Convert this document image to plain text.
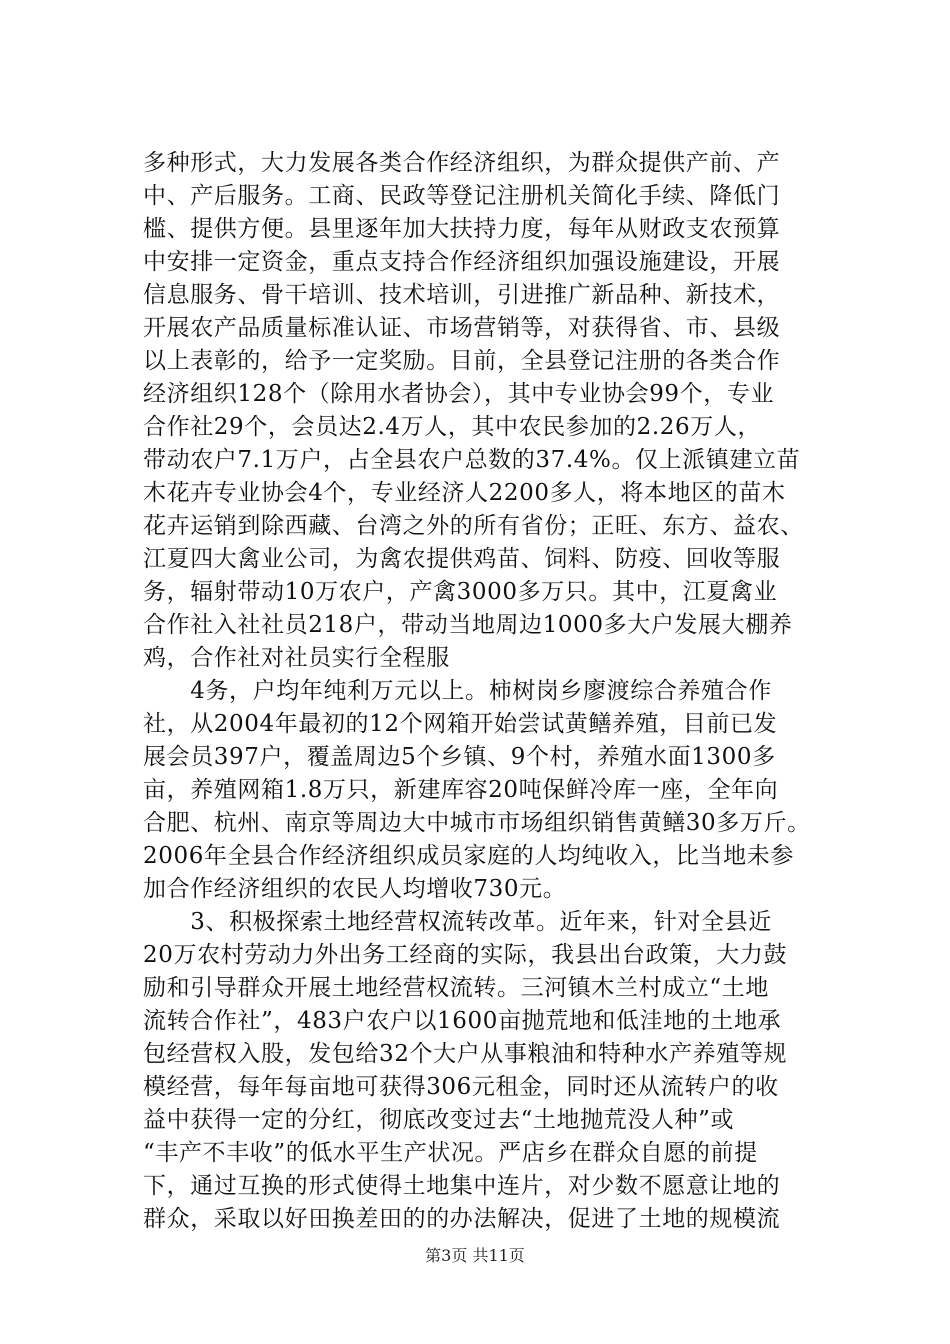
多种形式，大力发展各类合作经济组织，为群众提供产前、产
中、产后服务。工商、民政等登记注册机关简化手续、降低门
槛、提供方便。县里逐年加大扶持力度，每年从财政支农预算
中安排一定资金，重点支持合作经济组织加强设施建设，开展
信息服务、骨干培训、技术培训，引进推广新品种、新技术，
开展农产品质量标准认证、市场营销等，对获得省、市、县级
以上表彰的，给予一定奖励。目前，全县登记注册的各类合作
经济组织128个（除用水者协会），其中专业协会99个，专业
合作社29个，会员达2.4万人，其中农民参加的2.26万人，
带动农户7.1万户，占全县农户总数的37.4%。仅上派镇建立苗
木花卉专业协会4个，专业经济人2200多人，将本地区的苗木
花卉运销到除西藏、台湾之外的所有省份；正旺、东方、益农、
江夏四大禽业公司，为禽农提供鸡苗、饲料、防疫、回收等服
务，辐射带动10万农户，产禽3000多万只。其中，江夏禽业
合作社入社社员218户，带动当地周边1000多大户发展大棚养
鸡，合作社对社员实行全程服
　　4务，户均年纯利万元以上。柿树岗乡廖渡综合养殖合作
社，从2004年最初的12个网箱开始尝试黄鳝养殖，目前已发
展会员397户，覆盖周边5个乡镇、9个村，养殖水面1300多
亩，养殖网箱1.8万只，新建库容20吨保鲜冷库一座，全年向
合肥、杭州、南京等周边大中城市市场组织销售黄鳝30多万斤。
2006年全县合作经济组织成员家庭的人均纯收入，比当地未参
加合作经济组织的农民人均增收730元。
　　3、积极探索土地经营权流转改革。近年来，针对全县近
20万农村劳动力外出务工经商的实际，我县出台政策，大力鼓
励和引导群众开展土地经营权流转。三河镇木兰村成立“土地
流转合作社”，483户农户以1600亩抛荒地和低洼地的土地承
包经营权入股，发包给32个大户从事粮油和特种水产养殖等规
模经营，每年每亩地可获得306元租金，同时还从流转户的收
益中获得一定的分红，彻底改变过去“土地抛荒没人种”或
“丰产不丰收”的低水平生产状况。严店乡在群众自愿的前提
下，通过互换的形式使得土地集中连片，对少数不愿意让地的
群众，采取以好田换差田的的办法解决，促进了土地的规模流
第3页 共11页
